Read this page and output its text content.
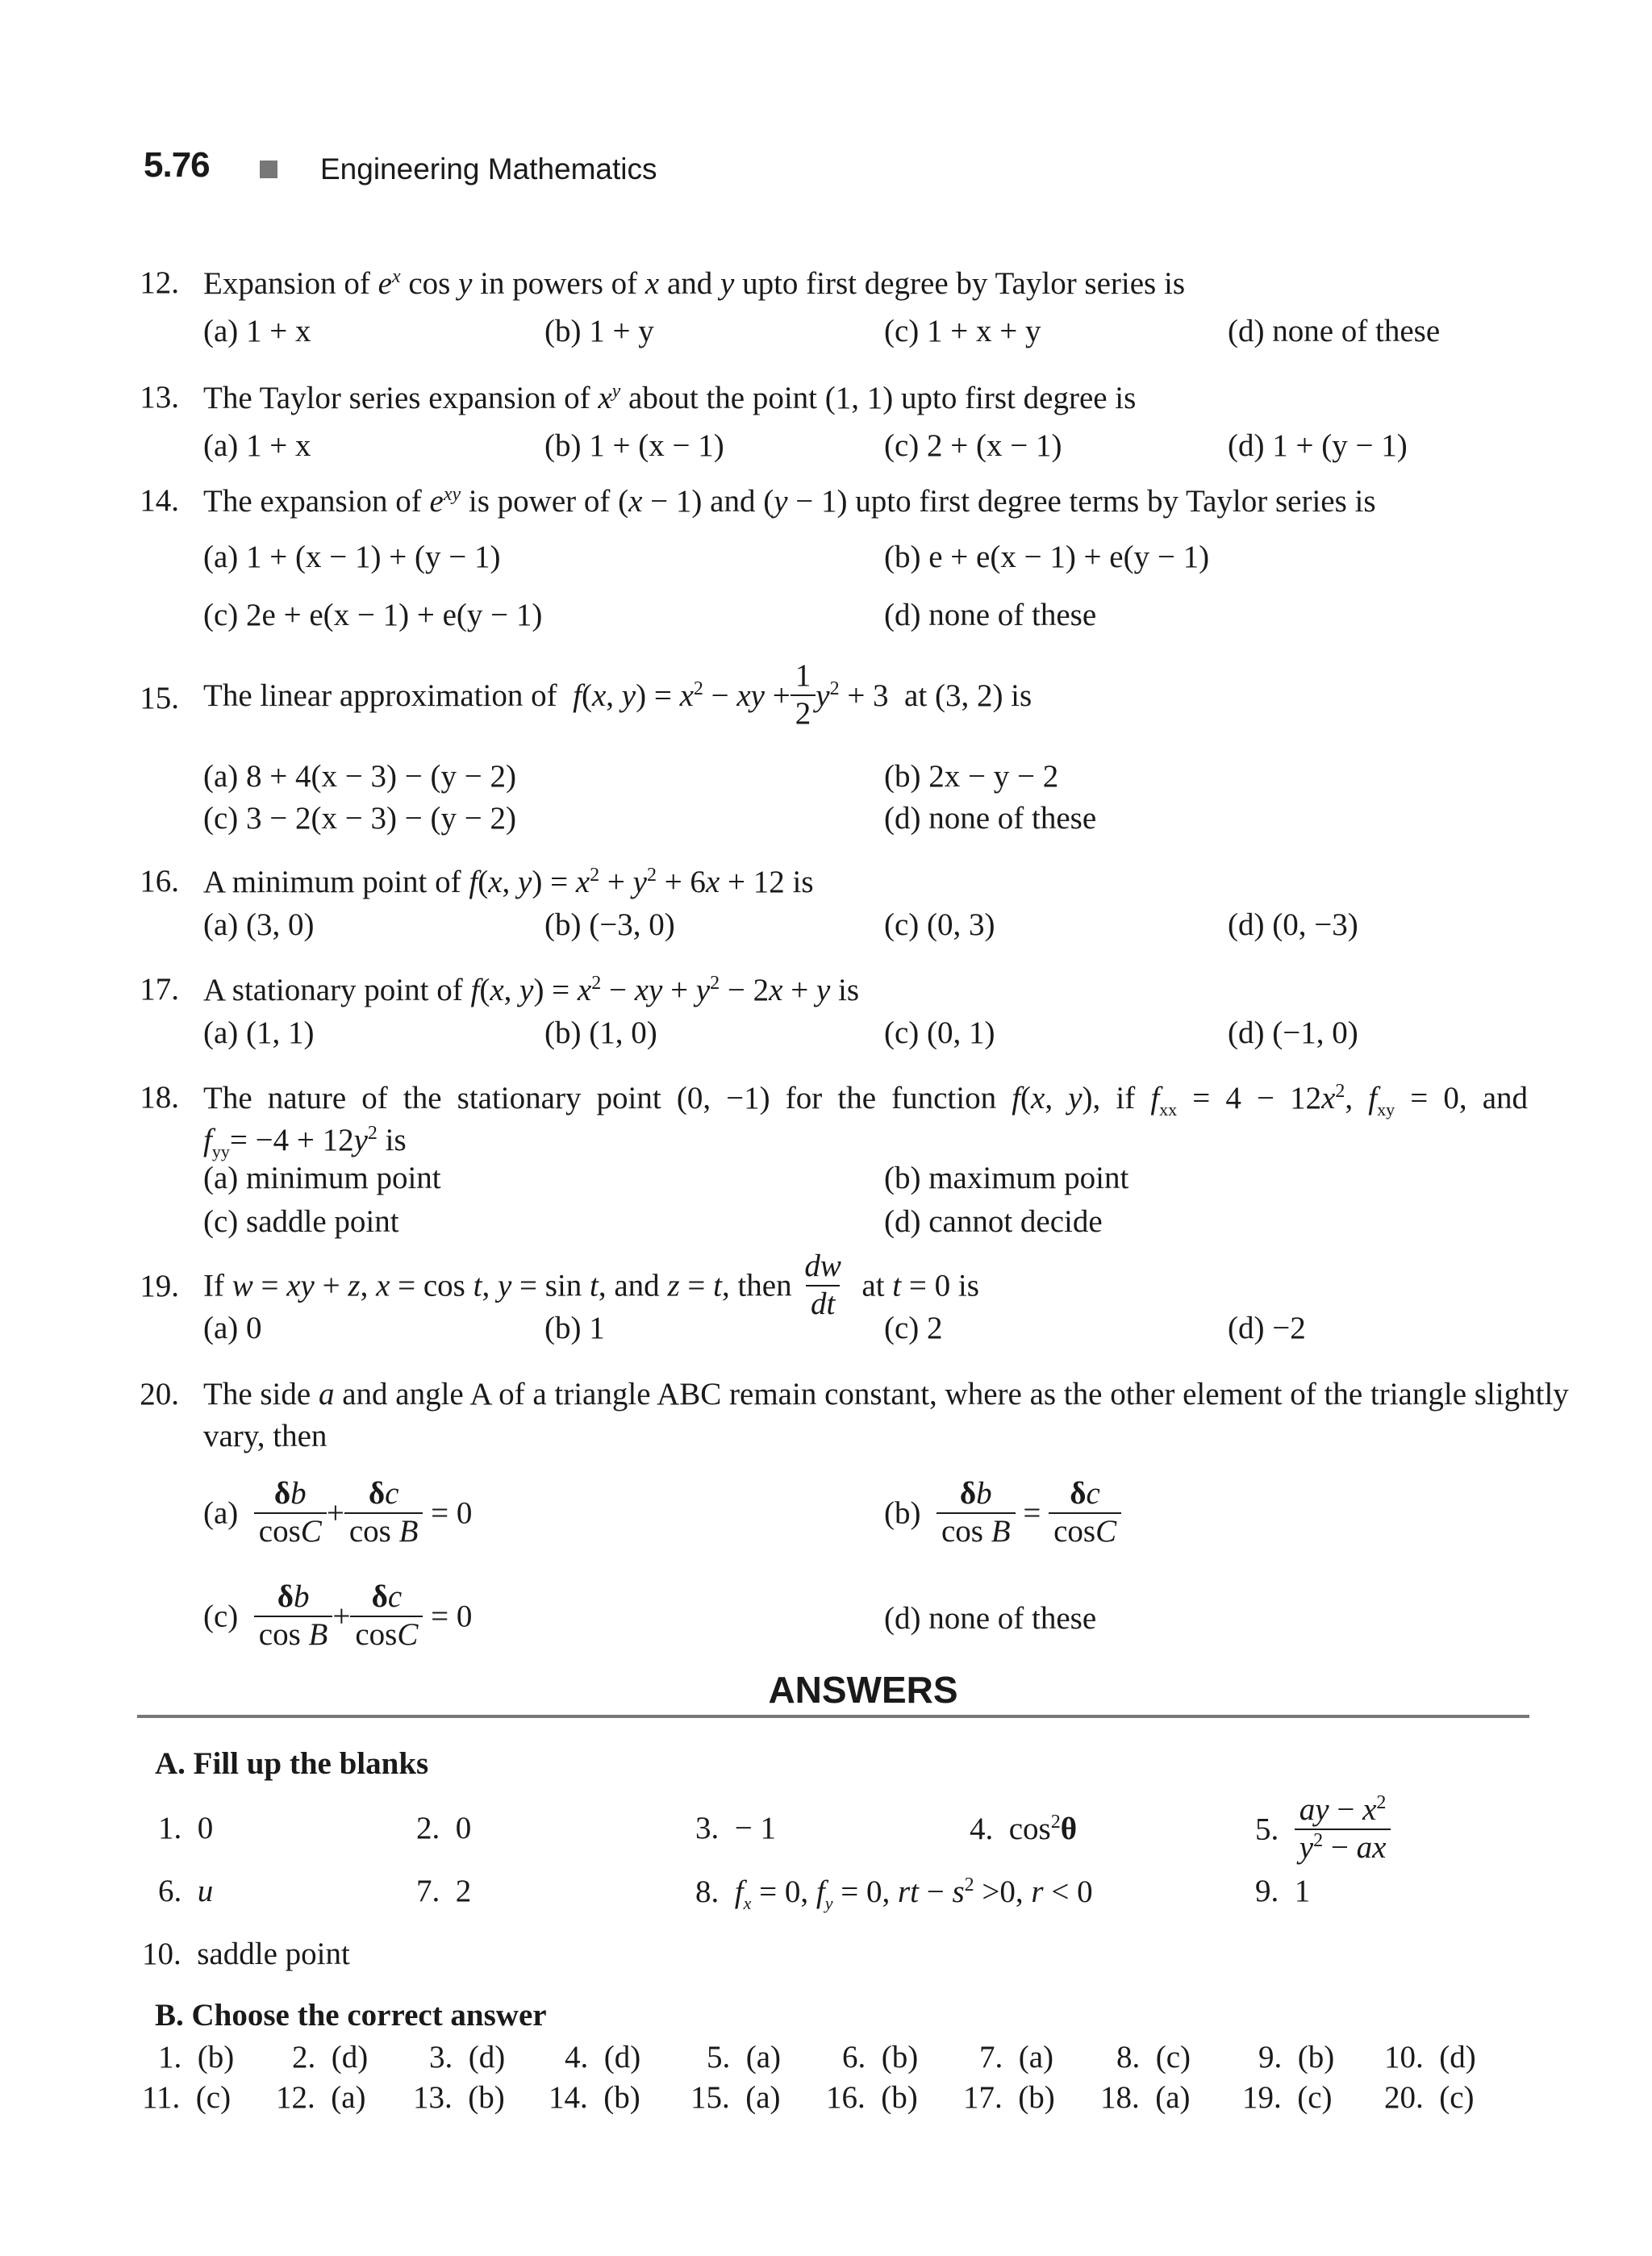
5.76	Engineering Mathematics
12. Expansion of $e^x$ cos y in powers of x and y upto first degree by Taylor series is
(a) 1 + x	(b) 1 + y	(c) 1 + x + y	(d) none of these
13. The Taylor series expansion of $x^y$ about the point (1, 1) upto first degree is
(a) 1 + x	(b) 1 + (x − 1)	(c) 2 + (x − 1)	(d) 1 + (y − 1)
14. The expansion of $e^{xy}$ is power of (x − 1) and (y − 1) upto first degree terms by Taylor series is
(a) 1 + (x − 1) + (y − 1)	(b) e + e(x − 1) + e(y − 1)
(c) 2e + e(x − 1) + e(y − 1)	(d) none of these
15. The linear approximation of  f(x, $y) = x^2$ − xy + $\frac{1}{2} y^2 + 3$  at (3, 2) is
(a) 8 + 4(x − 3) − (y − 2)	(b) 2x − y − 2
(c) 3 − 2(x − 3) − (y − 2)	(d) none of these
16. A minimum point of f(x, $y) = x^2 + y^2 + 6x + 12$ is
(a) (3, 0)	(b) (−3, 0)	(c) (0, 3)	(d) (0, −3)
17. A stationary point of f(x, $y) = x^2$ − xy + $y^2 - 2x + y$ is
(a) (1, 1)	(b) (1, 0)	(c) (0, 1)	(d) (−1, 0)
18. The nature of the stationary point (0, −1) for the function f(x, y), if $f_{xx} = 4 - 12x^2$, $f_{xy} = 0$, and
$f_{yy}= -4 + 12y^2$ is
(a) minimum point	(b) maximum point
(c) saddle point	(d) cannot decide
19. If w = xy + z, x = cos t, y = sin t, and z = t, then $\frac{dw}{dt}$ at t = 0 is
(a) 0	(b) 1	(c) 2	(d) −2
20. The side a and angle A of a triangle ABC remain constant, where as the other element of the triangle slightly
vary, then
$(a) \frac{\delta b}{\cos C} + \frac{\delta c}{\text{cos B}} = 0$	$(b) \frac{\delta b}{\text{cos B}} = \frac{\delta c}{\cos C}$
$(c) \frac{\delta b}{\text{cos B}} + \frac{\delta c}{\cos C} = 0$	(d) none of these
ANSWERS
A. Fill up the blanks
1. 0	2. 0	3. − 1	4.  $\cos^2\theta$	5. $\frac{ay - x^2}{y^2 - ax}$
6. u	7. 2	8.  $f_x = 0$, $f_y = 0$, rt − $s^2 >0$, r < 0	9. 1
10. saddle point
B. Choose the correct answer
1.  (b) 2.  (d) 3.  (d) 4.  (d) 5.  (a) 6.  (b) 7.  (a) 8.  (c) 9.  (b) 10.  (d)
11.  (c) 12.  (a) 13.  (b) 14.  (b) 15.  (a) 16.  (b) 17.  (b) 18.  (a) 19.  (c) 20.  (c)
